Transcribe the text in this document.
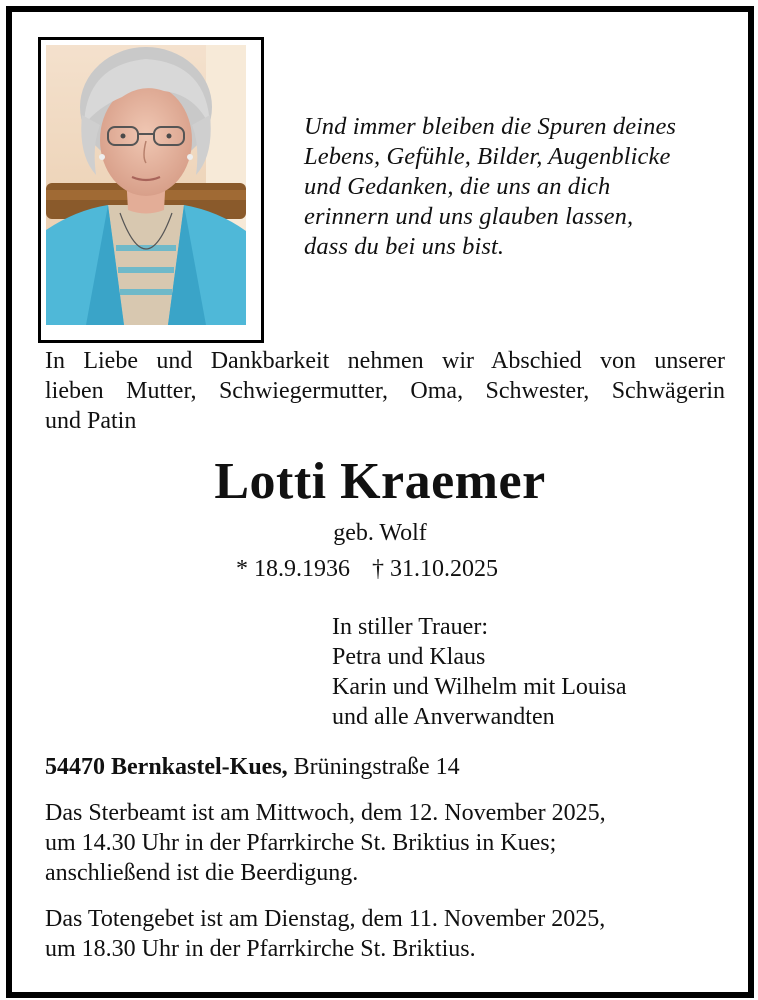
Und immer bleiben die Spuren deines
Lebens, Gefühle, Bilder, Augenblicke
und Gedanken, die uns an dich
erinnern und uns glauben lassen,
dass du bei uns bist.
In Liebe und Dankbarkeit nehmen wir Abschied von unserer
lieben Mutter, Schwiegermutter, Oma, Schwester, Schwägerin
und Patin
Lotti Kraemer
geb. Wolf
* 18.9.1936 † 31.10.2025
In stiller Trauer:
Petra und Klaus
Karin und Wilhelm mit Louisa
und alle Anverwandten
54470 Bernkastel-Kues, Brüningstraße 14
Das Sterbeamt ist am Mittwoch, dem 12. November 2025,
um 14.30 Uhr in der Pfarrkirche St. Briktius in Kues;
anschließend ist die Beerdigung.
Das Totengebet ist am Dienstag, dem 11. November 2025,
um 18.30 Uhr in der Pfarrkirche St. Briktius.
